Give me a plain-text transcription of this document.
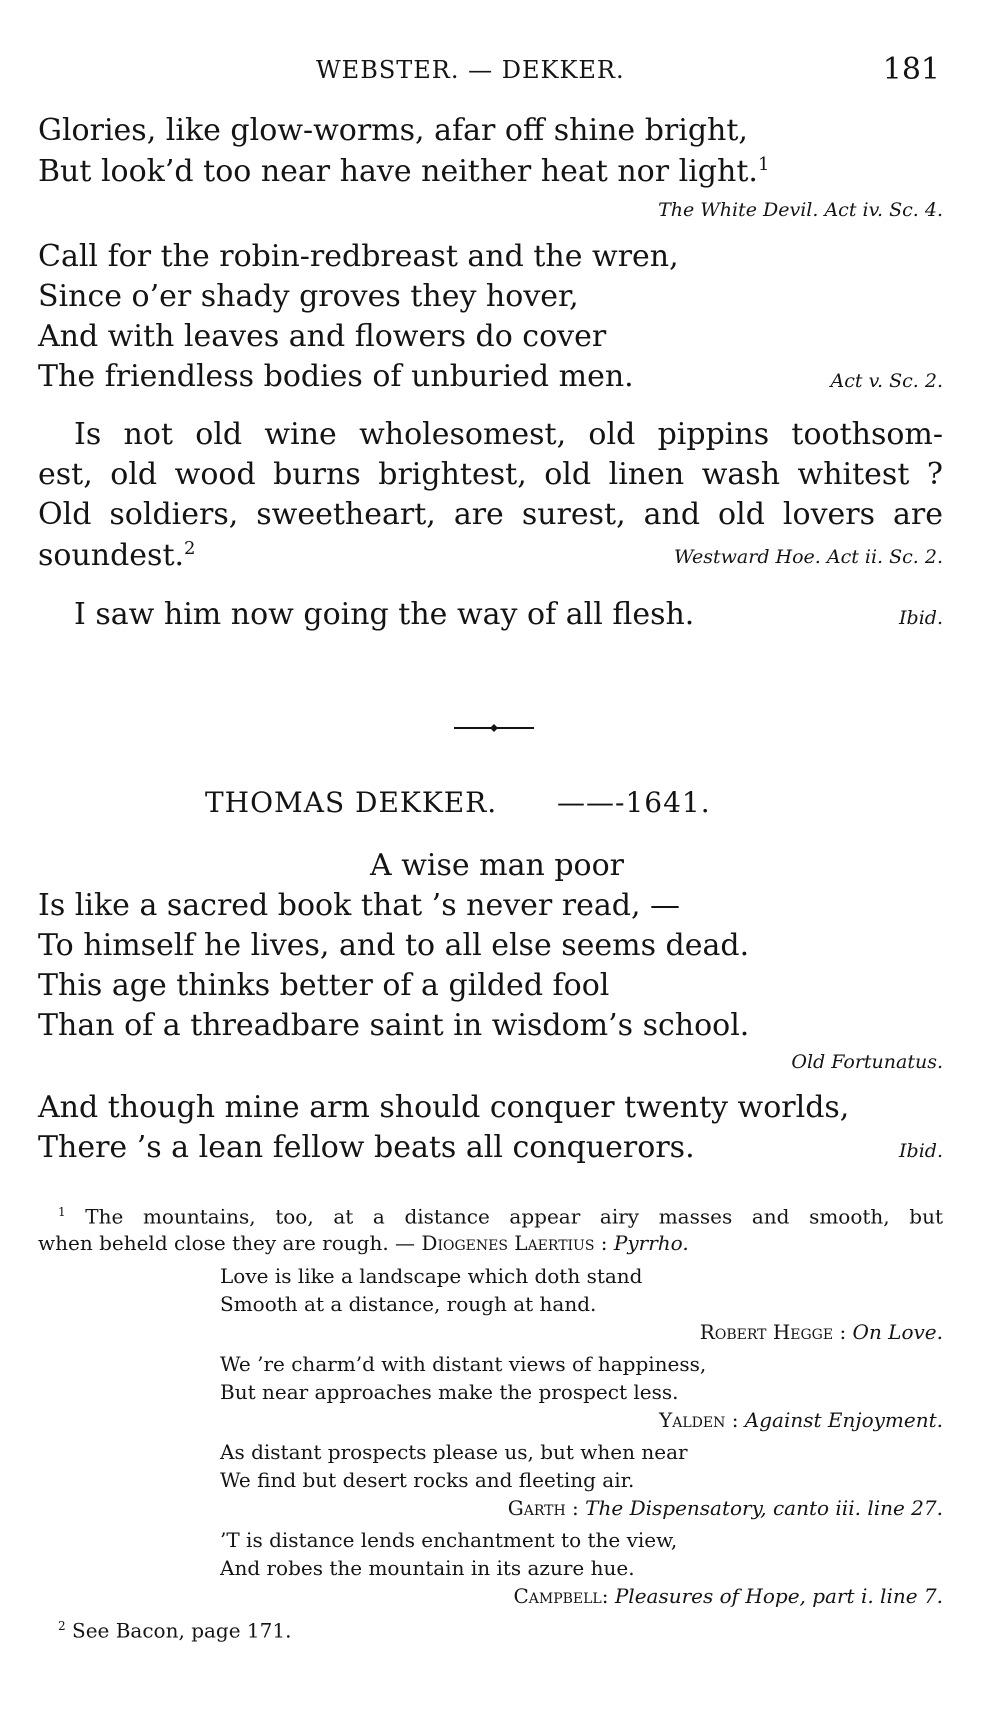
WEBSTER. — DEKKER.	181
Glories, like glow-worms, afar off shine bright,
But look’d too near have neither heat nor light.$^1$
The White Devil. Act iv. Sc. 4.
Call for the robin-redbreast and the wren,
Since o’er shady groves they hover,
And with leaves and flowers do cover
The friendless bodies of unburied men.	Act v. Sc. 2.
Is not old wine wholesomest, old pippins toothsom-
est, old wood burns brightest, old linen wash whitest ?
Old soldiers, sweetheart, are surest, and old lovers are
soundest.$^2$	Westward Hoe. Act ii. Sc. 2.
I saw him now going the way of all flesh.	Ibid.
THOMAS DEKKER. ——-1641.
A wise man poor
Is like a sacred book that ’s never read, —
To himself he lives, and to all else seems dead.
This age thinks better of a gilded fool
Than of a threadbare saint in wisdom’s school.
Old Fortunatus.
And though mine arm should conquer twenty worlds,
There ’s a lean fellow beats all conquerors.	Ibid.
$^1$ The mountains, too, at a distance appear airy masses and smooth, but
when beheld close they are rough. — Diogenes Laertius : Pyrrho.
Love is like a landscape which doth stand
Smooth at a distance, rough at hand.
Robert Hegge : On Love.
We ’re charm’d with distant views of happiness,
But near approaches make the prospect less.
Yalden : Against Enjoyment.
As distant prospects please us, but when near
We find but desert rocks and fleeting air.
Garth : The Dispensatory, canto iii. line 27.
’T is distance lends enchantment to the view,
And robes the mountain in its azure hue.
Campbell: Pleasures of Hope, part i. line 7.
$^2$ See Bacon, page 171.
